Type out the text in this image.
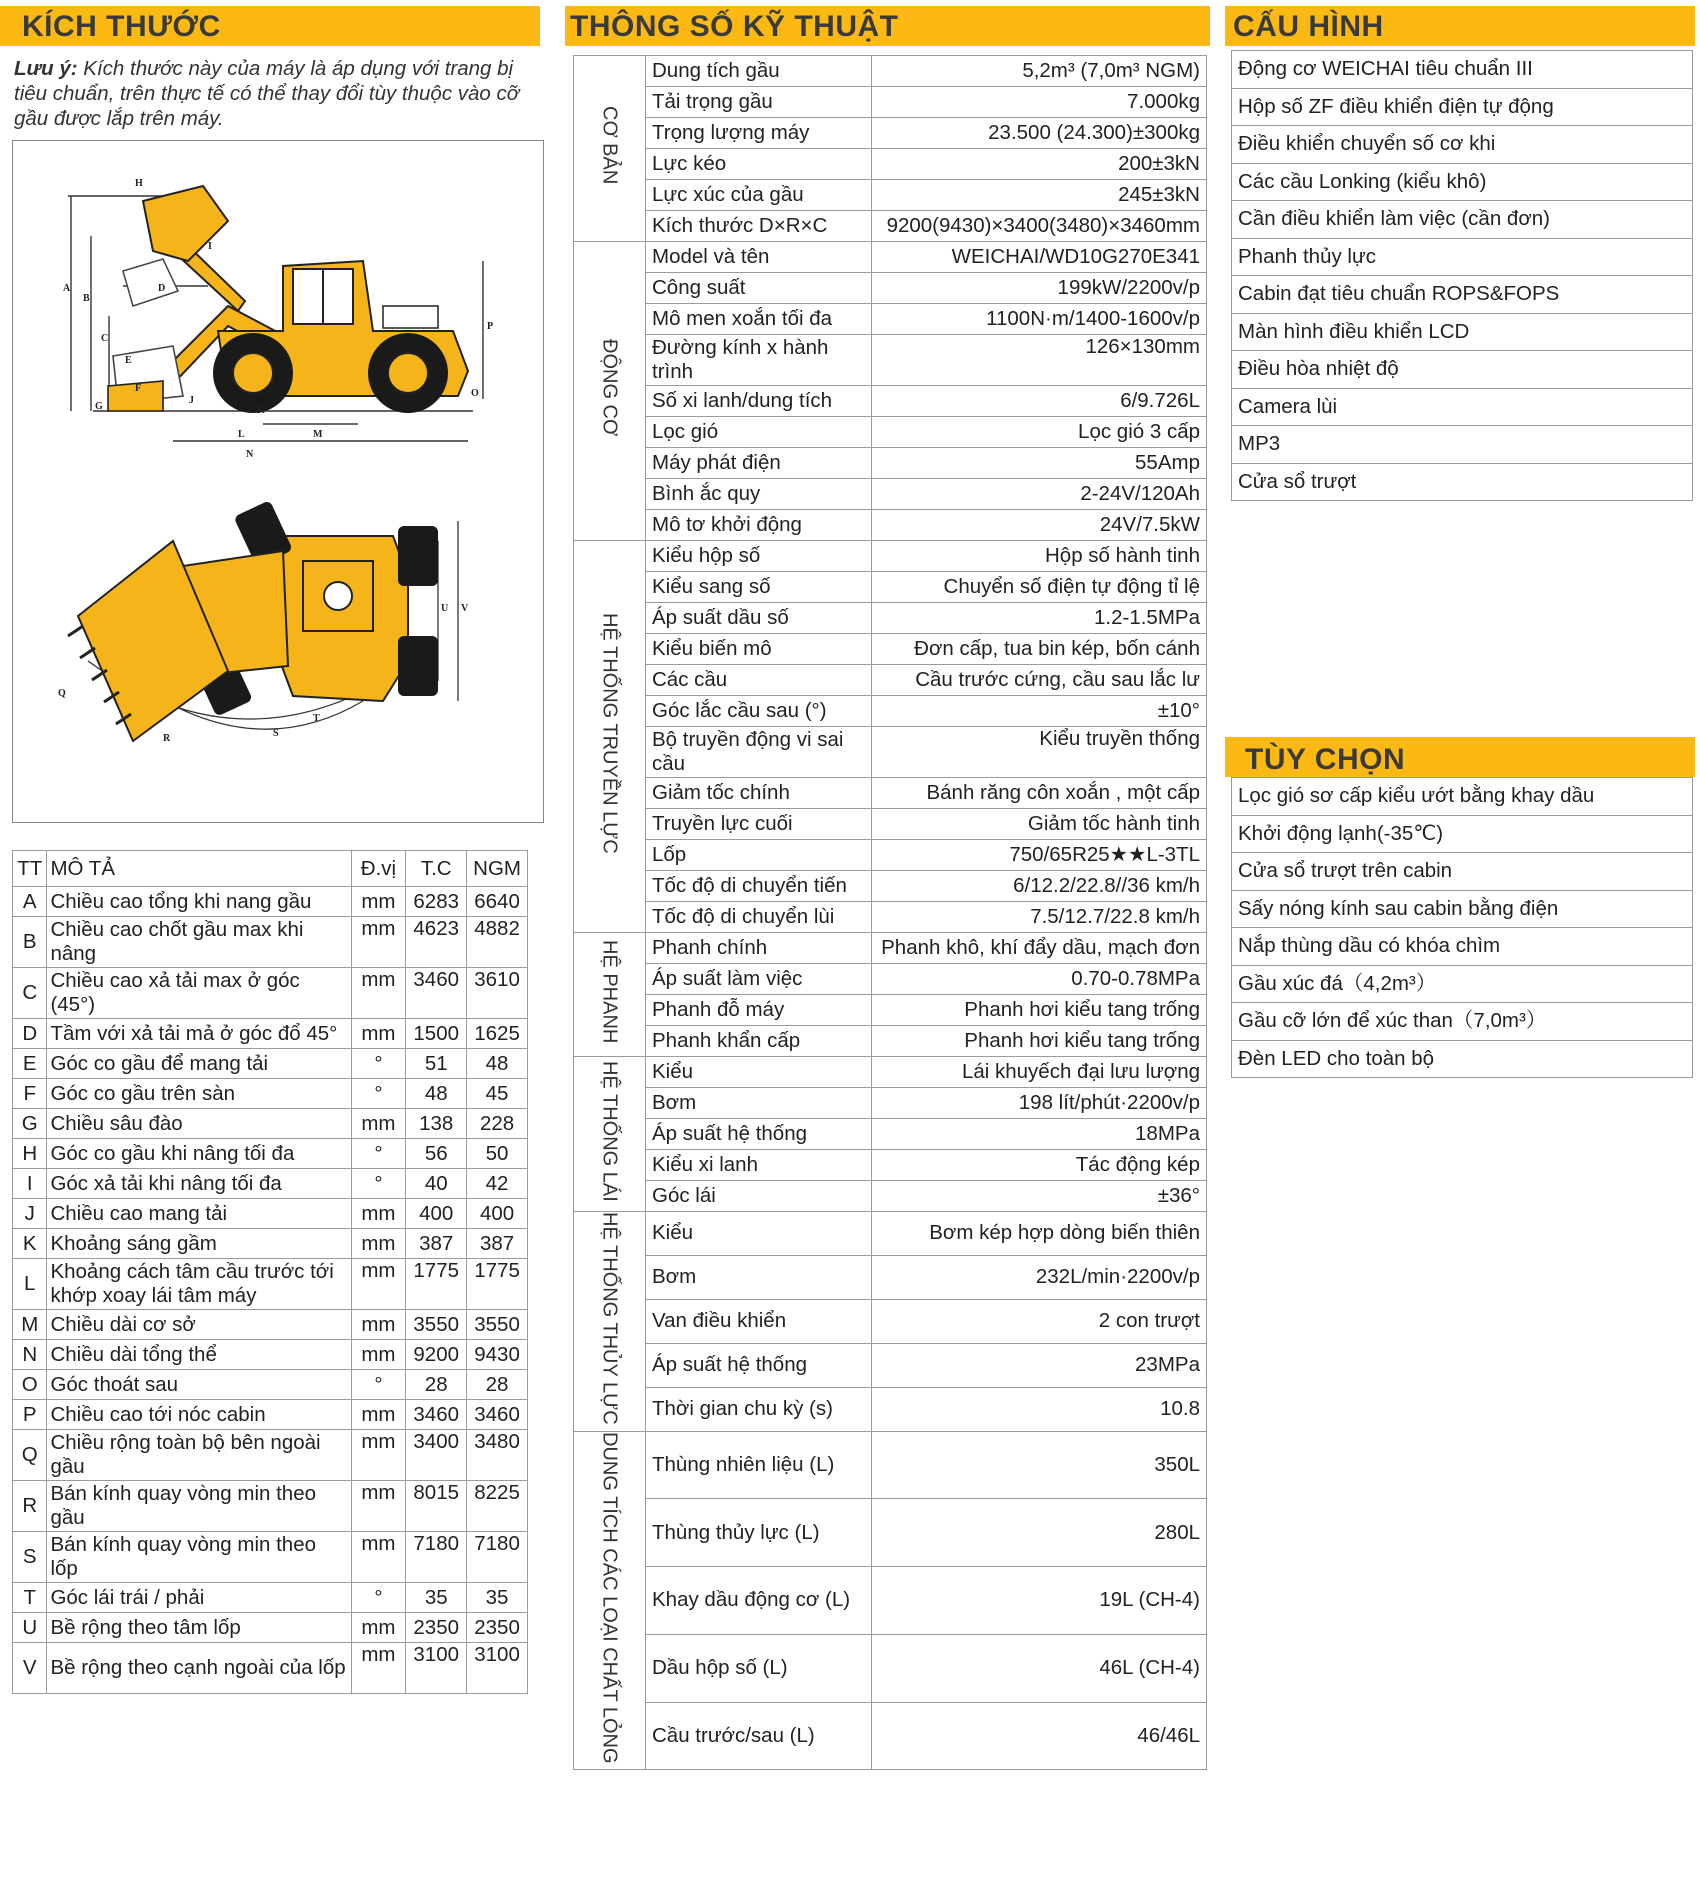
KÍCH THƯỚC	THÔNG SỐ KỸ THUẬT	CẤU HÌNH
Lưu ý: Kích thước này của máy là áp dụng với trang bị tiêu chuẩn, trên thực tế có thể thay đổi tùy thuộc vào cỡ gầu được lắp trên máy.
H
I
A
B
D
C
E
F
G
J
K
L	M
N
O
P
U V
T
R	S
Q
TT	MÔ TẢ	Đ.vị	T.C	NGM
A	Chiều cao tổng khi nang gầu	mm	6283	6640
B	Chiều cao chốt gầu max khi nâng	mm	4623	4882
C	Chiều cao xả tải max ở góc (45°)	mm	3460	3610
D	Tầm với xả tải mả ở góc đổ 45°	mm	1500	1625
E	Góc co gầu để mang tải	°	51	48
F	Góc co gầu trên sàn	°	48	45
G	Chiều sâu đào	mm	138	228
H	Góc co gầu khi nâng tối đa	°	56	50
I	Góc xả tải khi nâng tối đa	°	40	42
J	Chiều cao mang tải	mm	400	400
K	Khoảng sáng gầm	mm	387	387
L	Khoảng cách tâm cầu trước tới khớp xoay lái tâm máy	mm	1775	1775
M	Chiều dài cơ sở	mm	3550	3550
N	Chiều dài tổng thể	mm	9200	9430
O	Góc thoát sau	°	28	28
P	Chiều cao tới nóc cabin	mm	3460	3460
Q	Chiều rộng toàn bộ bên ngoài gầu	mm	3400	3480
R	Bán kính quay vòng min theo gầu	mm	8015	8225
S	Bán kính quay vòng min theo lốp	mm	7180	7180
T	Góc lái trái / phải	°	35	35
U	Bề rộng theo tâm lốp	mm	2350	2350
V	Bề rộng theo cạnh ngoài của lốp	mm	3100	3100
CƠ BẢN	Dung tích gầu	5,2m³ (7,0m³ NGM)
	Tải trọng gầu	7.000kg
	Trọng lượng máy	23.500 (24.300)±300kg
	Lực kéo	200±3kN
	Lực xúc của gầu	245±3kN
	Kích thước D×R×C	9200(9430)×3400(3480)×3460mm
ĐỘNG CƠ	Model và tên	WEICHAI/WD10G270E341
	Công suất	199kW/2200v/p
	Mô men xoắn tối đa	1100N·m/1400-1600v/p
	Đường kính x hành trình	126×130mm
	Số xi lanh/dung tích	6/9.726L
	Lọc gió	Lọc gió 3 cấp
	Máy phát điện	55Amp
	Bình ắc quy	2-24V/120Ah
	Mô tơ khởi động	24V/7.5kW
HỆ THỐNG TRUYỀN LỰC	Kiểu hộp số	Hộp số hành tinh
	Kiểu sang số	Chuyển số điện tự động tỉ lệ
	Áp suất dầu số	1.2-1.5MPa
	Kiểu biến mô	Đơn cấp, tua bin kép, bốn cánh
	Các cầu	Cầu trước cứng, cầu sau lắc lư
	Góc lắc cầu sau (°)	±10°
	Bộ truyền động vi sai cầu	Kiểu truyền thống
	Giảm tốc chính	Bánh răng côn xoắn , một cấp
	Truyền lực cuối	Giảm tốc hành tinh
	Lốp	750/65R25★★L-3TL
	Tốc độ di chuyển tiến	6/12.2/22.8//36 km/h
	Tốc độ di chuyển lùi	7.5/12.7/22.8 km/h
HỆ PHANH	Phanh chính	Phanh khô, khí đẩy dầu, mạch đơn
	Áp suất làm việc	0.70-0.78MPa
	Phanh đỗ máy	Phanh hơi kiểu tang trống
	Phanh khẩn cấp	Phanh hơi kiểu tang trống
HỆ THỐNG LÁI	Kiểu	Lái khuyếch đại lưu lượng
	Bơm	198 lít/phút·2200v/p
	Áp suất hệ thống	18MPa
	Kiểu xi lanh	Tác động kép
	Góc lái	±36°
HỆ THỐNG THỦY LỰC	Kiểu	Bơm kép hợp dòng biến thiên
	Bơm	232L/min·2200v/p
	Van điều khiển	2 con trượt
	Áp suất hệ thống	23MPa
	Thời gian chu kỳ (s)	10.8
DUNG TÍCH CÁC LOẠI CHẤT LỎNG	Thùng nhiên liệu (L)	350L
	Thùng thủy lực (L)	280L
	Khay dầu động cơ (L)	19L (CH-4)
	Dầu hộp số (L)	46L (CH-4)
	Cầu trước/sau (L)	46/46L
Động cơ WEICHAI tiêu chuẩn III
Hộp số ZF điều khiển điện tự động
Điều khiển chuyển số cơ khi
Các cầu Lonking (kiểu khô)
Cần điều khiển làm việc (cần đơn)
Phanh thủy lực
Cabin đạt tiêu chuẩn ROPS&FOPS
Màn hình điều khiển LCD
Điều hòa nhiệt độ
Camera lùi
MP3
Cửa sổ trượt
TÙY CHỌN
Lọc gió sơ cấp kiểu ướt bằng khay dầu
Khởi động lạnh(-35℃)
Cửa sổ trượt trên cabin
Sấy nóng kính sau cabin bằng điện
Nắp thùng dầu có khóa chìm
Gầu xúc đá（4,2m³）
Gầu cỡ lớn để xúc than（7,0m³）
Đèn LED cho toàn bộ
